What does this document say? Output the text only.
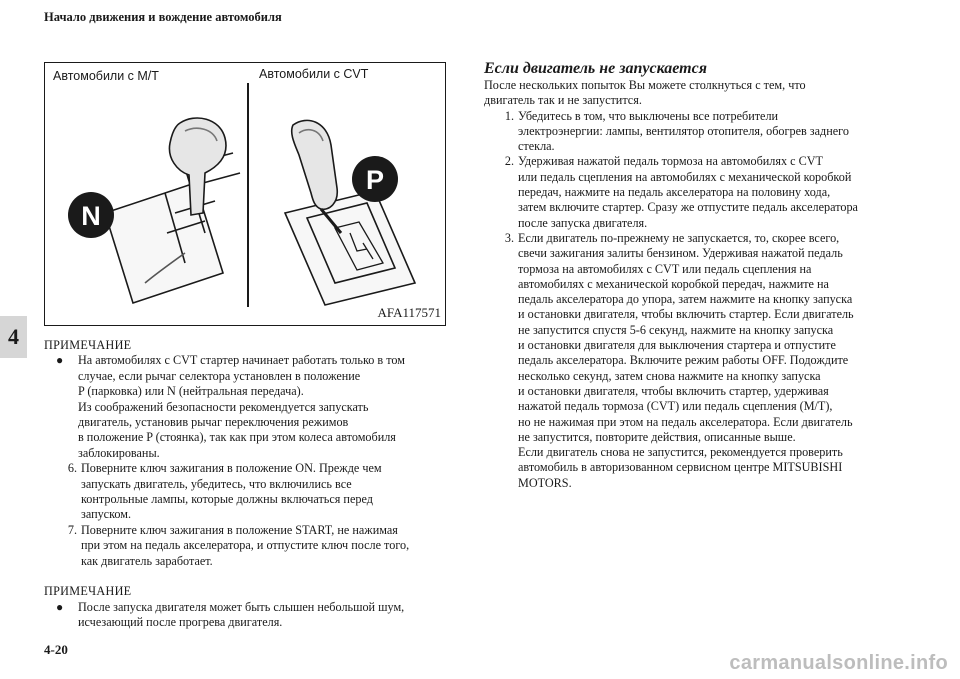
Начало движения и вождение автомобиля
4
4-20
N
P
Автомобили с M/T	Автомобили с CVT
AFA117571
ПРИМЕЧАНИЕ
●	На автомобилях с CVT стартер начинает работать только в том
случае, если рычаг селектора установлен в положение
P (парковка) или N (нейтральная передача).
Из соображений безопасности рекомендуется запускать
двигатель, установив рычаг переключения режимов
в положение P (стоянка), так как при этом колеса автомобиля
заблокированы.
6. Поверните ключ зажигания в положение ON. Прежде чем
запускать двигатель, убедитесь, что включились все
контрольные лампы, которые должны включаться перед
запуском.
7. Поверните ключ зажигания в положение START, не нажимая
при этом на педаль акселератора, и отпустите ключ после того,
как двигатель заработает.
ПРИМЕЧАНИЕ
●	После запуска двигателя может быть слышен небольшой шум,
исчезающий после прогрева двигателя.
Если двигатель не запускается
После нескольких попыток Вы можете столкнуться с тем, что
двигатель так и не запустится.
1. Убедитесь в том, что выключены все потребители
электроэнергии: лампы, вентилятор отопителя, обогрев заднего
стекла.
2. Удерживая нажатой педаль тормоза на автомобилях с CVT
или педаль сцепления на автомобилях с механической коробкой
передач, нажмите на педаль акселератора на половину хода,
затем включите стартер. Сразу же отпустите педаль акселератора
после запуска двигателя.
3. Если двигатель по-прежнему не запускается, то, скорее всего,
свечи зажигания залиты бензином. Удерживая нажатой педаль
тормоза на автомобилях с CVT или педаль сцепления на
автомобилях с механической коробкой передач, нажмите на
педаль акселератора до упора, затем нажмите на кнопку запуска
и остановки двигателя, чтобы включить стартер. Если двигатель
не запустится спустя 5-6 секунд, нажмите на кнопку запуска
и остановки двигателя для выключения стартера и отпустите
педаль акселератора. Включите режим работы OFF. Подождите
несколько секунд, затем снова нажмите на кнопку запуска
и остановки двигателя, чтобы включить стартер, удерживая
нажатой педаль тормоза (CVT) или педаль сцепления (M/T),
но не нажимая при этом на педаль акселератора. Если двигатель
не запустится, повторите действия, описанные выше.
Если двигатель снова не запустится, рекомендуется проверить
автомобиль в авторизованном сервисном центре MITSUBISHI
MOTORS.
carmanualsonline.info
